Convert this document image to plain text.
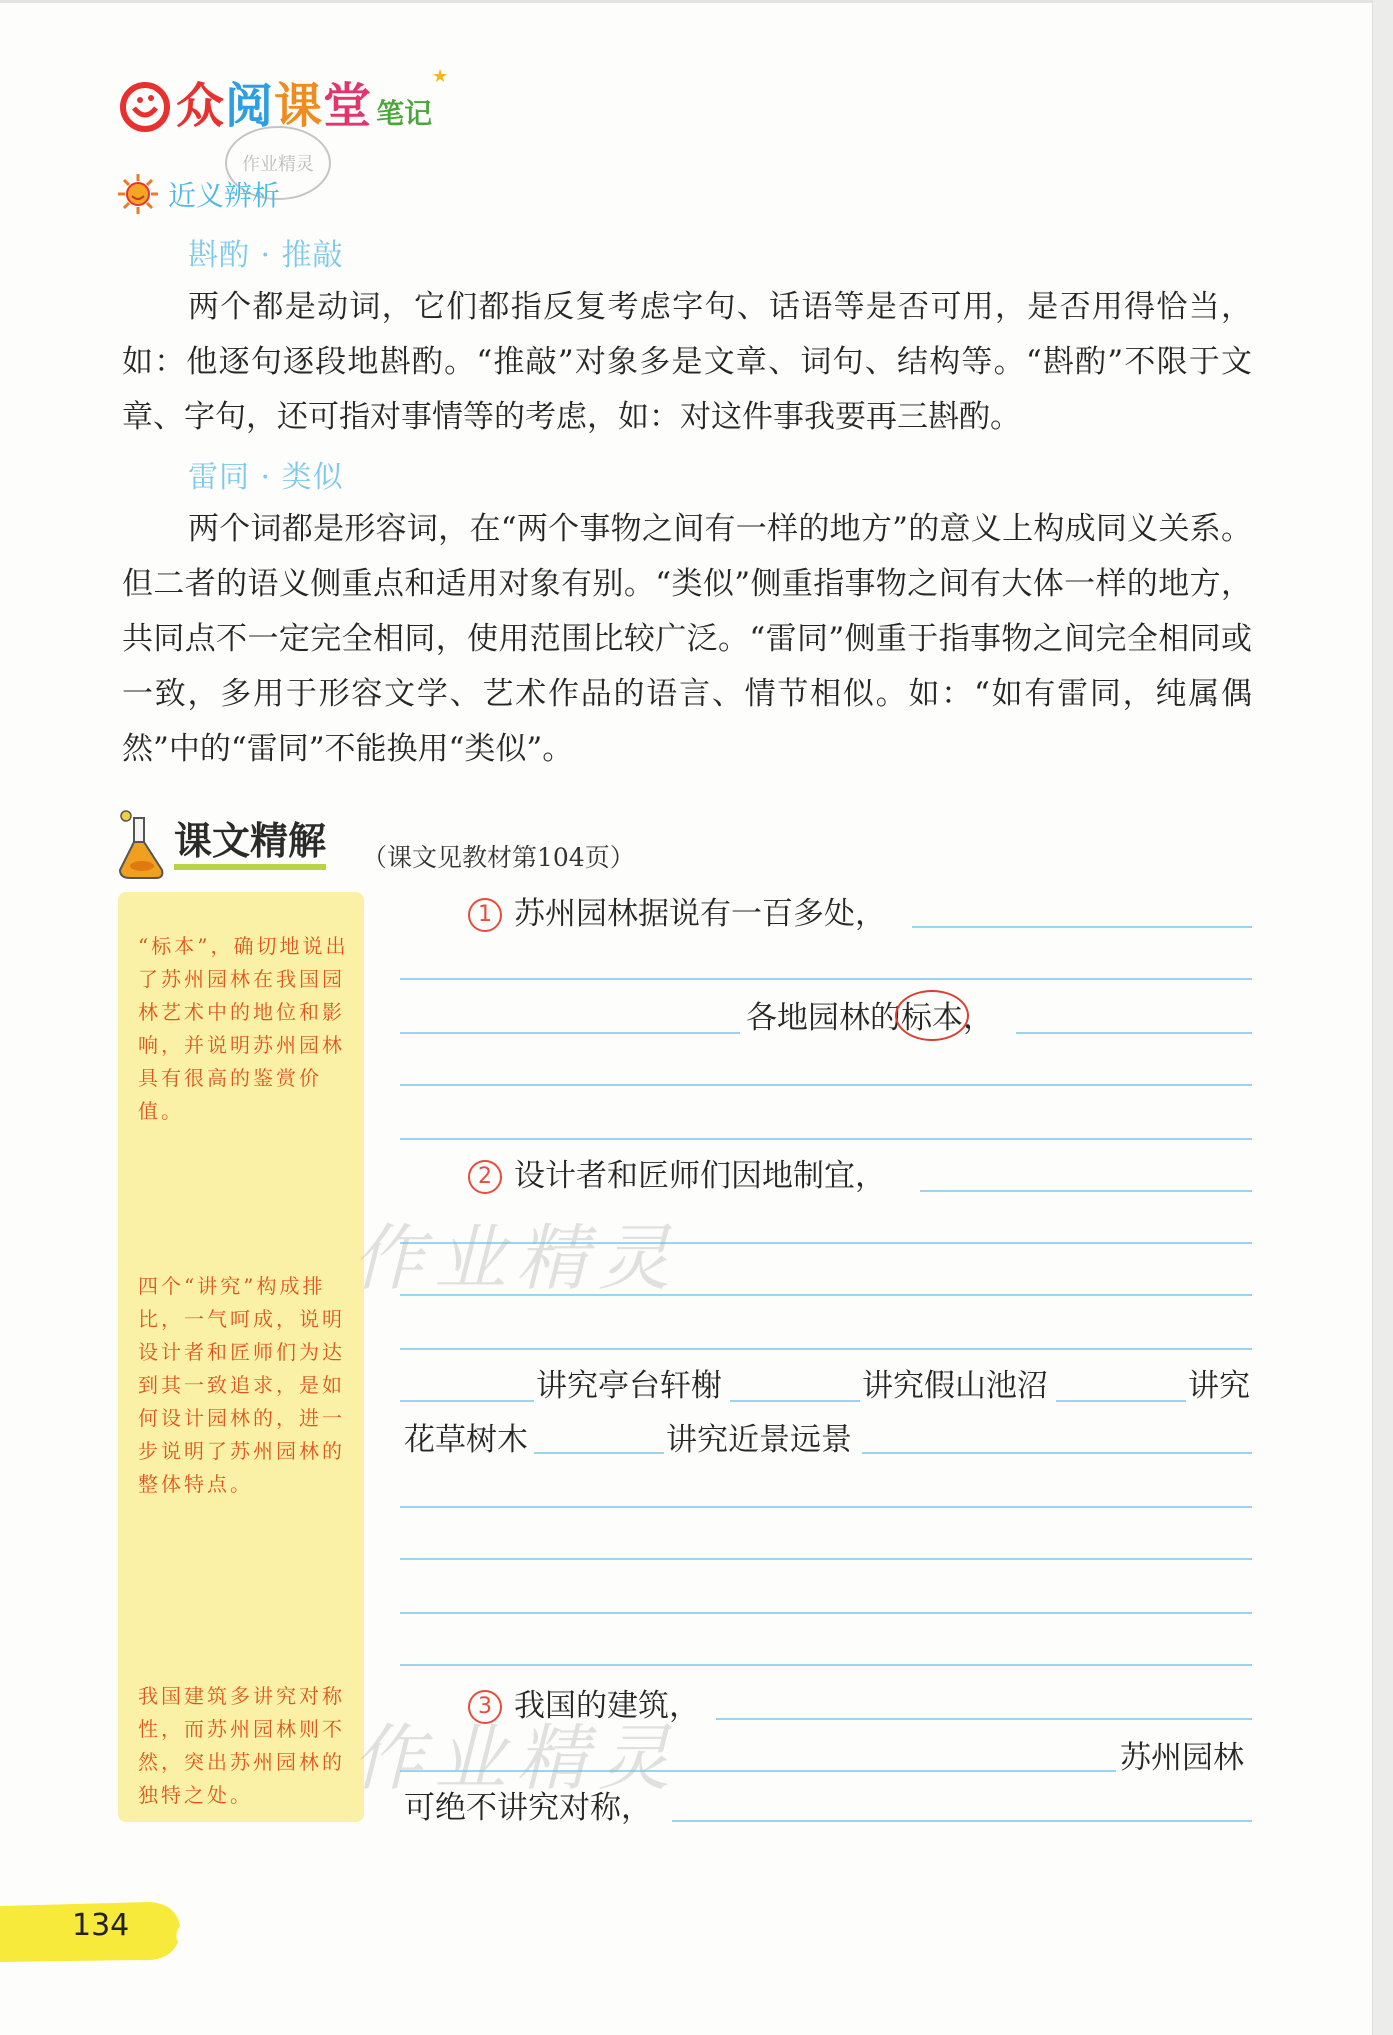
众阅课堂 笔记
★
作业精灵
近义辨析
斟酌 · 推敲
两个都是动词，它们都指反复考虑字句、话语等是否可用，是否用得恰当，如：他逐句逐段地斟酌。“推敲”对象多是文章、词句、结构等。“斟酌”不限于文章、字句，还可指对事情等的考虑，如：对这件事我要再三斟酌。
雷同 · 类似
两个词都是形容词，在“两个事物之间有一样的地方”的意义上构成同义关系。但二者的语义侧重点和适用对象有别。“类似”侧重指事物之间有大体一样的地方，共同点不一定完全相同，使用范围比较广泛。“雷同”侧重于指事物之间完全相同或一致，多用于形容文学、艺术作品的语言、情节相似。如：“如有雷同，纯属偶然”中的“雷同”不能换用“类似”。
课文精解 （课文见教材第104页）
“标本”，确切地说出了苏州园林在我国园林艺术中的地位和影响，并说明苏州园林具有很高的鉴赏价值。
四个“讲究”构成排比，一气呵成，说明设计者和匠师们为达到其一致追求，是如何设计园林的，进一步说明了苏州园林的整体特点。
我国建筑多讲究对称性，而苏州园林则不然，突出苏州园林的独特之处。
1 苏州园林据说有一百多处，
各地园林的标本，
2 设计者和匠师们因地制宜，
讲究亭台轩榭	讲究假山池沼	讲究
花草树木	讲究近景远景
3 我国的建筑，
苏州园林
可绝不讲究对称，
作业精灵
作业精灵
134
